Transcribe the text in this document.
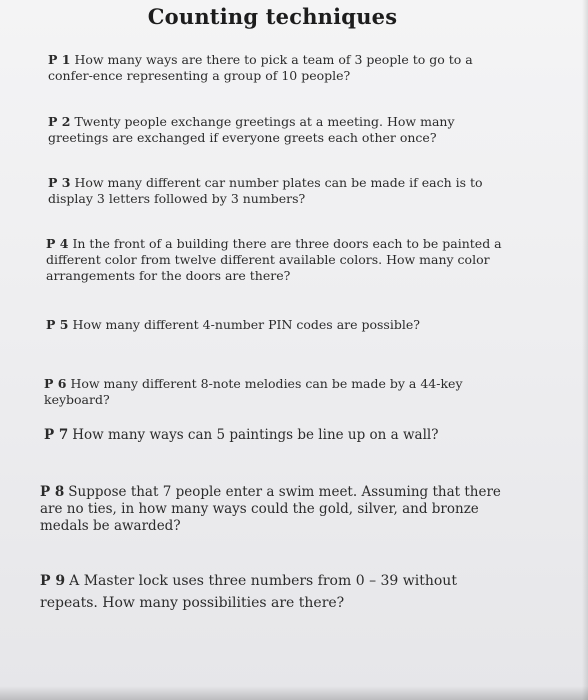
Counting techniques

P 1 How many ways are there to pick a team of 3 people to go to a confer-ence representing a group of 10 people?

P 2 Twenty people exchange greetings at a meeting. How many greetings are exchanged if everyone greets each other once?

P 3 How many different car number plates can be made if each is to display 3 letters followed by 3 numbers?

P 4 In the front of a building there are three doors each to be painted a different color from twelve different available colors. How many color arrangements for the doors are there?

P 5 How many different 4-number PIN codes are possible?

P 6 How many different 8-note melodies can be made by a 44-key keyboard?

P 7 How many ways can 5 paintings be line up on a wall?

P 8 Suppose that 7 people enter a swim meet. Assuming that there are no ties, in how many ways could the gold, silver, and bronze medals be awarded?

P 9 A Master lock uses three numbers from 0 – 39 without repeats. How many possibilities are there?
